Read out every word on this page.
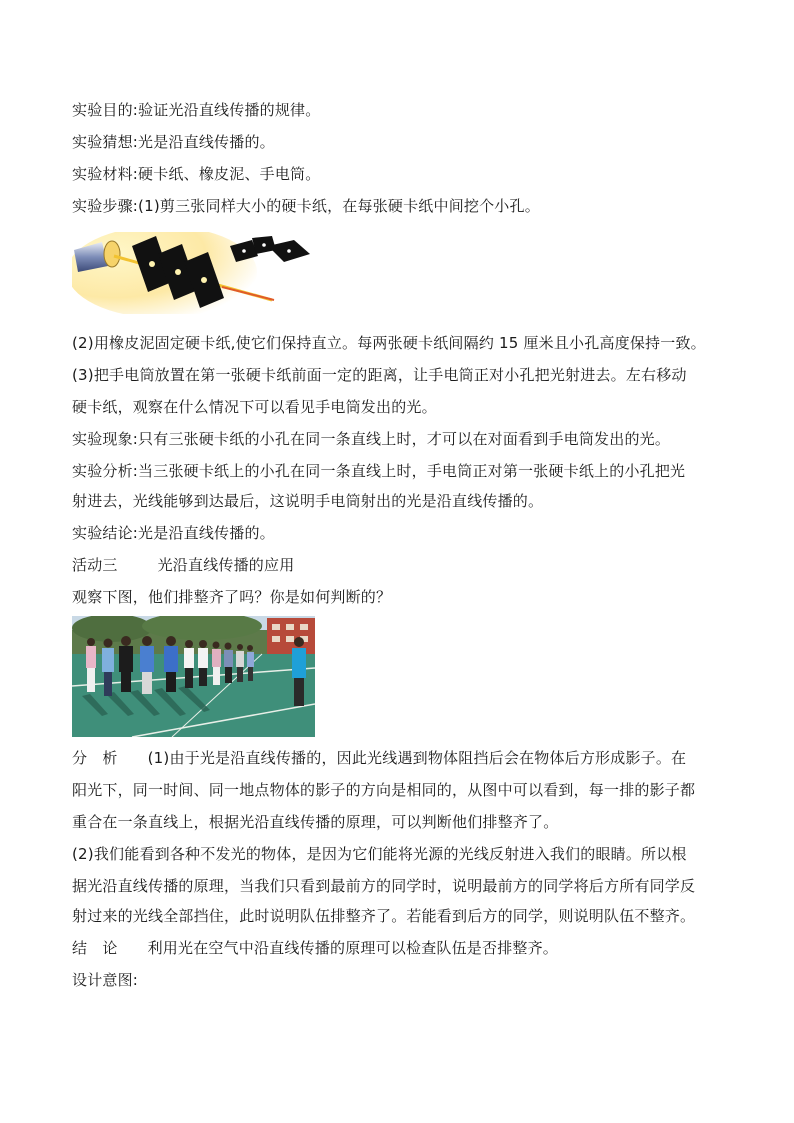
实验目的:验证光沿直线传播的规律。
实验猜想:光是沿直线传播的。
实验材料:硬卡纸、橡皮泥、手电筒。
实验步骤:(1)剪三张同样大小的硬卡纸，在每张硬卡纸中间挖个小孔。
(2)用橡皮泥固定硬卡纸,使它们保持直立。每两张硬卡纸间隔约 15 厘米且小孔高度保持一致。
(3)把手电筒放置在第一张硬卡纸前面一定的距离，让手电筒正对小孔把光射进去。左右移动
硬卡纸，观察在什么情况下可以看见手电筒发出的光。
实验现象:只有三张硬卡纸的小孔在同一条直线上时，才可以在对面看到手电筒发出的光。
实验分析:当三张硬卡纸上的小孔在同一条直线上时，手电筒正对第一张硬卡纸上的小孔把光
射进去，光线能够到达最后，这说明手电筒射出的光是沿直线传播的。
实验结论:光是沿直线传播的。
活动三	光沿直线传播的应用
观察下图，他们排整齐了吗？你是如何判断的？
分　析 (1)由于光是沿直线传播的，因此光线遇到物体阻挡后会在物体后方形成影子。在
阳光下，同一时间、同一地点物体的影子的方向是相同的，从图中可以看到，每一排的影子都
重合在一条直线上，根据光沿直线传播的原理，可以判断他们排整齐了。
(2)我们能看到各种不发光的物体，是因为它们能将光源的光线反射进入我们的眼睛。所以根
据光沿直线传播的原理，当我们只看到最前方的同学时，说明最前方的同学将后方所有同学反
射过来的光线全部挡住，此时说明队伍排整齐了。若能看到后方的同学，则说明队伍不整齐。
结　论 利用光在空气中沿直线传播的原理可以检查队伍是否排整齐。
设计意图:
